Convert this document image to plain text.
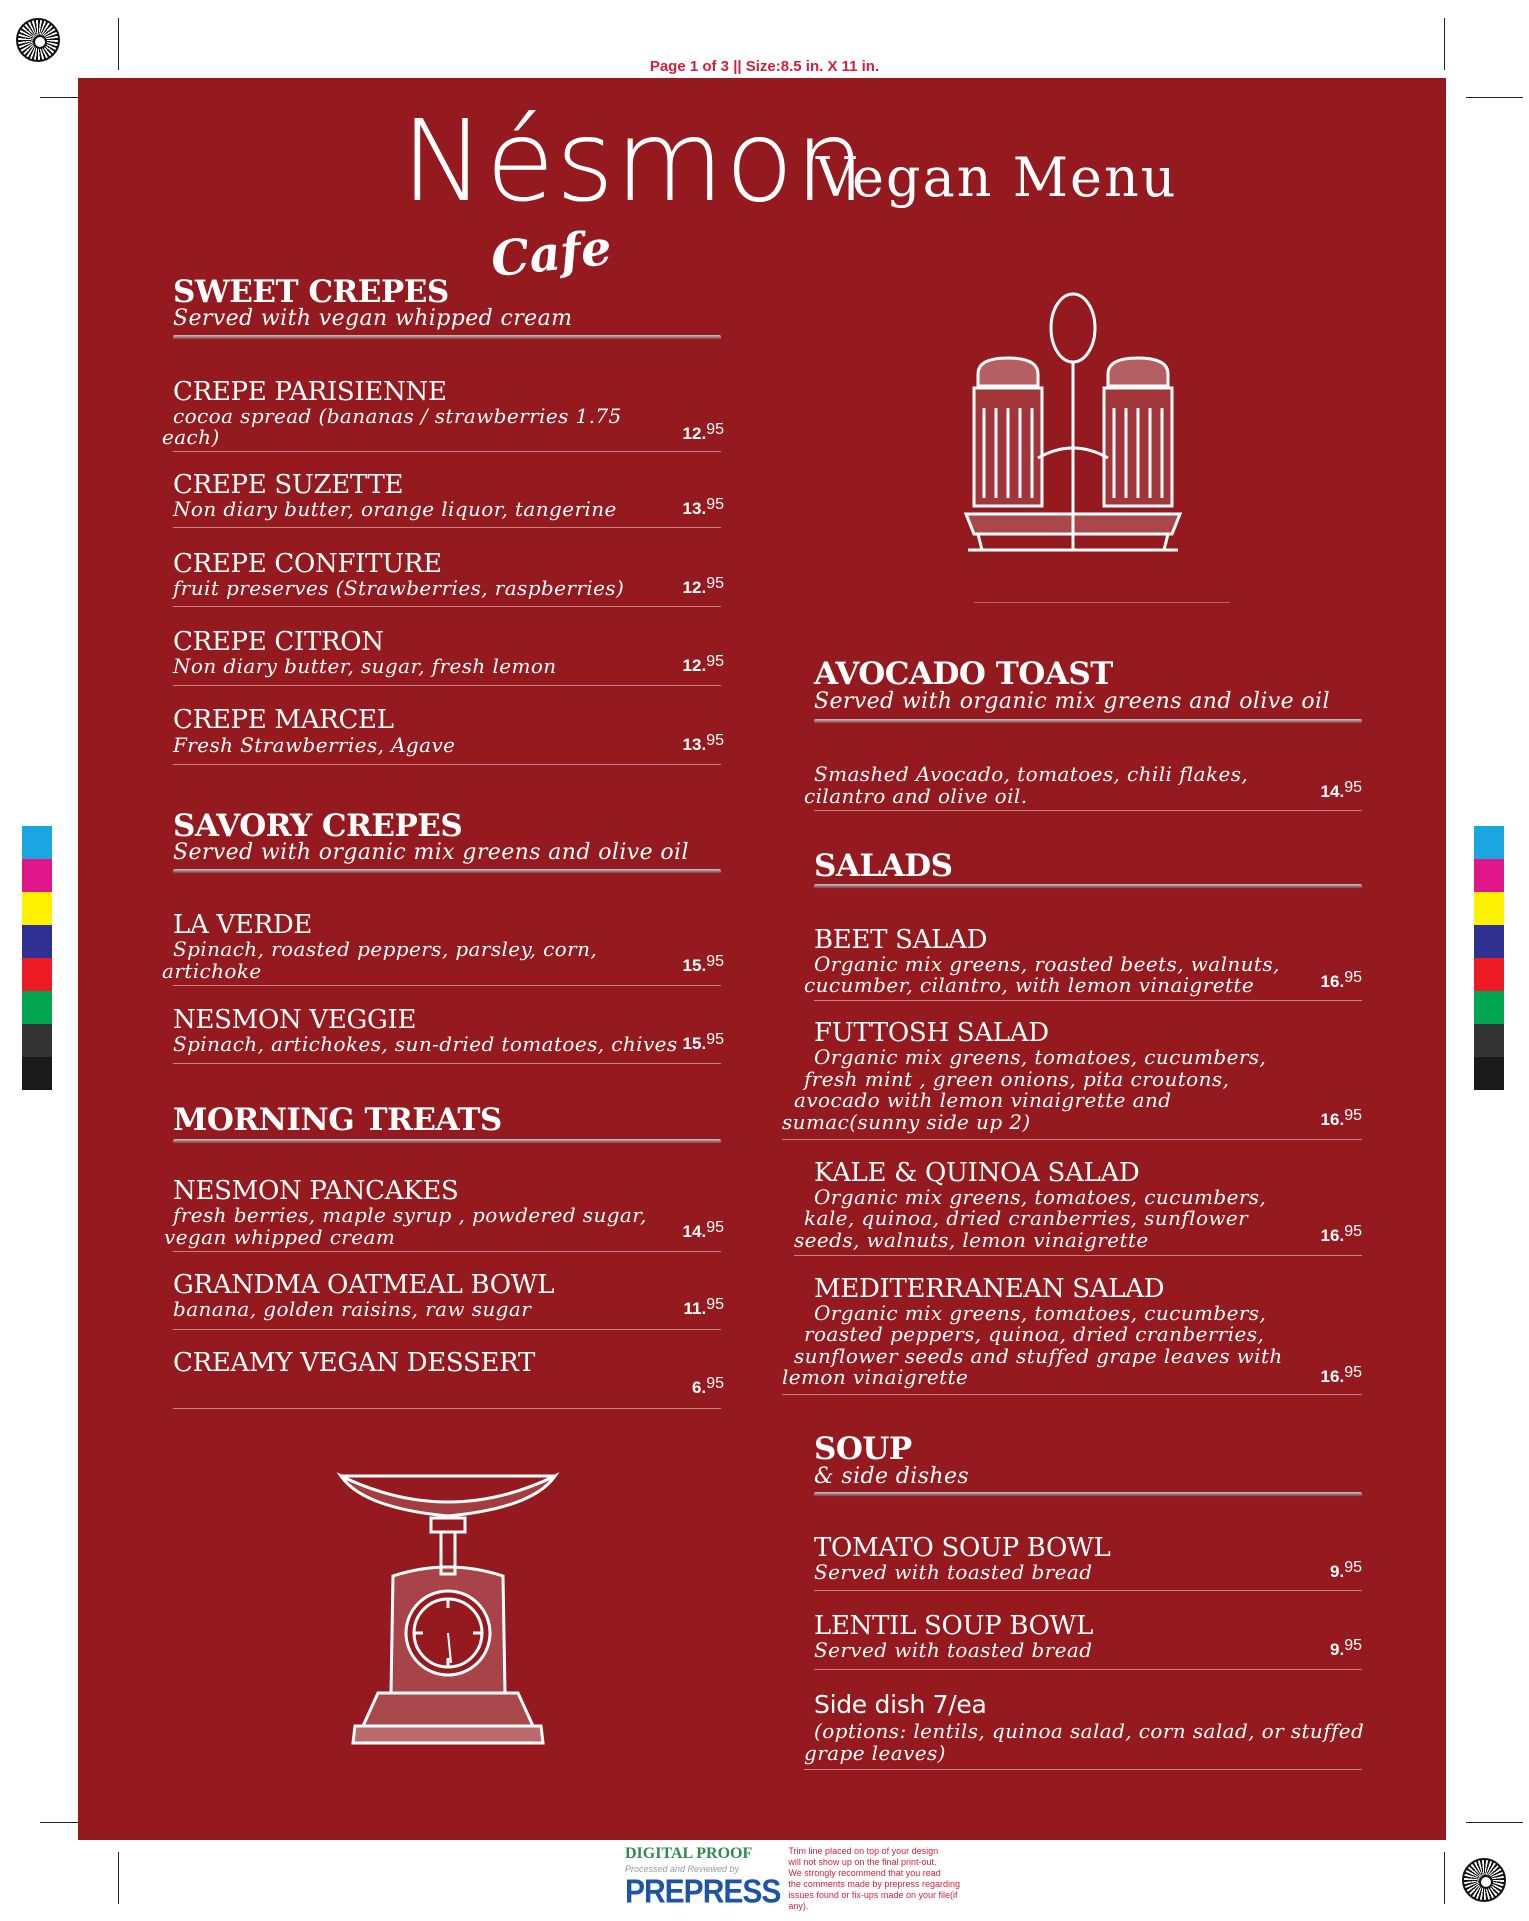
Page 1 of 3 || Size:8.5 in. X 11 in.
Nésmon
Cafe
Vegan Menu
SWEET CREPES
Served with vegan whipped cream
CREPE PARISIENNE
cocoa spread (bananas / strawberries 1.75
each)	12.95
CREPE SUZETTE
Non diary butter, orange liquor, tangerine	13.95
CREPE CONFITURE
fruit preserves (Strawberries, raspberries)	12.95
CREPE CITRON
Non diary butter, sugar, fresh lemon	12.95
CREPE MARCEL
Fresh Strawberries, Agave	13.95
SAVORY CREPES
Served with organic mix greens and olive oil
LA VERDE
Spinach, roasted peppers, parsley, corn,
artichoke	15.95
NESMON VEGGIE
Spinach, artichokes, sun-dried tomatoes, chives 15.95
MORNING TREATS
NESMON PANCAKES
fresh berries, maple syrup , powdered sugar,
vegan whipped cream	14.95
GRANDMA OATMEAL BOWL
banana, golden raisins, raw sugar	11.95
CREAMY VEGAN DESSERT
6.95
AVOCADO TOAST
Served with organic mix greens and olive oil
Smashed Avocado, tomatoes, chili flakes,
cilantro and olive oil.	14.95
SALADS
BEET SALAD
Organic mix greens, roasted beets, walnuts,
cucumber, cilantro, with lemon vinaigrette	16.95
FUTTOSH SALAD
Organic mix greens, tomatoes, cucumbers,
fresh mint , green onions, pita croutons,
avocado with lemon vinaigrette and
sumac(sunny side up 2)	16.95
KALE & QUINOA SALAD
Organic mix greens, tomatoes, cucumbers,
kale, quinoa, dried cranberries, sunflower
seeds, walnuts, lemon vinaigrette	16.95
MEDITERRANEAN SALAD
Organic mix greens, tomatoes, cucumbers,
roasted peppers, quinoa, dried cranberries,
sunflower seeds and stuffed grape leaves with
lemon vinaigrette	16.95
SOUP
& side dishes
TOMATO SOUP BOWL
Served with toasted bread	9.95
LENTIL SOUP BOWL
Served with toasted bread	9.95
Side dish 7/ea
(options: lentils, quinoa salad, corn salad, or stuffed
grape leaves)
DIGITAL PROOF
Processed and Reviewed by
PREPRESS
Trim line placed on top of your design
will not show up on the final print-out.
We strongly recommend that you read
the comments made by prepress regarding
issues found or fix-ups made on your file(if any).
